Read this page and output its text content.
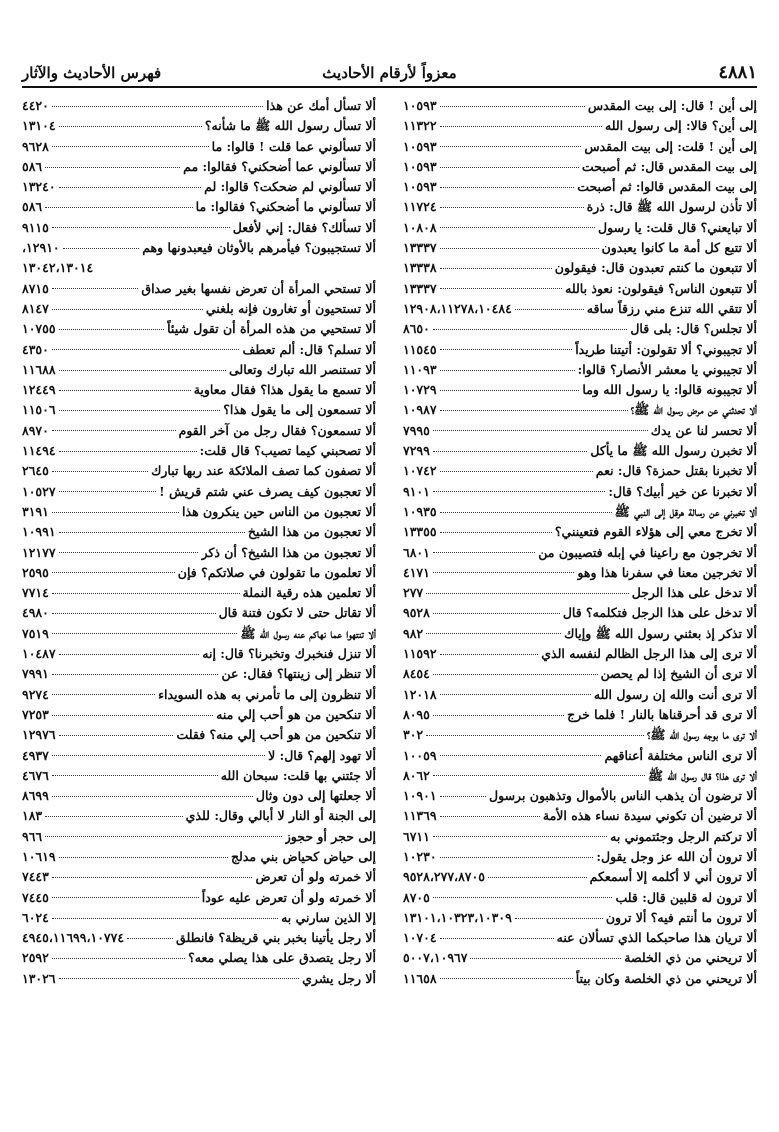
٤٨٨١
معزواً لأرقام الأحاديث
فهرس الأحاديث والآثار
إلى أين ! قال: إلى بيت المقدس
١٠٥٩٣
إلى أين؟ قالا: إلى رسول الله
١١٣٢٢
إلى أين ! قلت: إلى بيت المقدس
١٠٥٩٣
إلى بيت المقدس قال: ثم أصبحت
١٠٥٩٣
إلى بيت المقدس قالوا: ثم أصبحت
١٠٥٩٣
ألا تأذن لرسول الله ﷺ قال: ذرة
١١٧٢٤
ألا تبايعني؟ قال قلت: يا رسول
١٠٨٠٨
ألا تتبع كل أمة ما كانوا يعبدون
١٣٣٣٧
ألا تتبعون ما كنتم تعبدون قال: فيقولون
١٣٣٣٨
ألا تتبعون الناس؟ فيقولون: نعوذ بالله
١٣٣٣٧
ألا تتقي الله تنزع مني رزقاً ساقه
١٢٩٠٨،١١٢٧٨،١٠٤٨٤
ألا تجلس؟ قال: بلى قال
٨٦٥٠
ألا تجيبوني؟ ألا تقولون: أتيتنا طريداً
١١٥٤٥
ألا تجيبوني يا معشر الأنصار؟ قالوا:
١١٠٩٣
ألا تجيبونه قالوا: يا رسول الله وما
١٠٧٢٩
ألا تحدثني عن مرض رسول الله ﷺ؟
١٠٩٨٧
ألا تحسر لنا عن يدك
٧٩٩٥
ألا تخبرن رسول الله ﷺ ما يأكل
٧٢٩٩
ألا تخبرنا بقتل حمزة؟ قال: نعم
١٠٧٤٢
ألا تخبرنا عن خير أبيك؟ قال:
٩١٠١
ألا تخبرني عن رسالة هرقل إلى النبي ﷺ
١٠٩٣٥
ألا تخرج معي إلى هؤلاء القوم فتعينني؟
١٣٣٥٥
ألا تخرجون مع راعينا في إبله فتصيبون من
٦٨٠١
ألا تخرجين معنا في سفرنا هذا وهو
٤١٧١
ألا تدخل على هذا الرجل
٢٧٧
ألا تدخل على هذا الرجل فتكلمه؟ قال
٩٥٢٨
ألا تذكر إذ بعثني رسول الله ﷺ وإياك
٩٨٢
ألا ترى إلى هذا الرجل الظالم لنفسه الذي
١١٥٩٢
ألا ترى أن الشيخ إذا لم يحصن
٨٤٥٤
ألا ترى أنت والله إن رسول الله
١٢٠١٨
ألا ترى قد أحرقناها بالنار ! فلما خرج
٨٠٩٥
ألا ترى ما بوجه رسول الله ﷺ؟
٣٠٢
ألا ترى الناس مختلفة أعناقهم
١٠٠٥٩
ألا ترى هذا؟ قال رسول الله ﷺ
٨٠٦٢
ألا ترضون أن يذهب الناس بالأموال وتذهبون برسول
١٠٩٠١
ألا ترضين أن تكوني سيدة نساء هذه الأمة
١١٣٦٩
ألا تركتم الرجل وجئتموني به
٦٧١١
ألا ترون أن الله عز وجل يقول:
١٠٢٣٠
ألا ترون أني لا أكلمه إلا أسمعكم
٩٥٢٨،٢٧٧،٨٧٠٥
ألا ترون له قلبين قال: قلب
٨٧٠٥
ألا ترون ما أنتم فيه؟ ألا ترون
١٣١٠١،١٠٣٢٣،١٠٣٠٩
ألا تريان هذا صاحبكما الذي تسألان عنه
١٠٧٠٤
ألا تريحني من ذي الخلصة
٥٠٠٧،١٠٩٦٧
ألا تريحني من ذي الخلصة وكان بيتاً
١١٦٥٨
ألا تسأل أمك عن هذا
٤٤٢٠
ألا تسأل رسول الله ﷺ ما شأنه؟
١٣١٠٤
ألا تسألوني عما قلت ! قالوا: ما
٩٦٢٨
ألا تسألوني عما أضحكني؟ فقالوا: مم
٥٨٦
ألا تسألوني لم ضحكت؟ قالوا: لم
١٣٢٤٠
ألا تسألوني ما أضحكني؟ فقالوا: ما
٥٨٦
ألا تسألك؟ فقال: إني لأفعل
٩١١٥
ألا تستجيبون؟ فيأمرهم بالأوثان فيعبدونها وهم
١٢٩١٠،
١٣٠٤٢،١٣٠١٤
ألا تستحي المرأة أن تعرض نفسها بغير صداق
٨٧١٥
ألا تستحيون أو تغارون فإنه بلغني
٨١٤٧
ألا تستحيي من هذه المرأة أن تقول شيئاً
١٠٧٥٥
ألا تسلم؟ قال: ألم تعطف
٤٣٥٠
ألا تستنصر الله تبارك وتعالى
١١٦٨٨
ألا تسمع ما يقول هذا؟ فقال معاوية
١٢٤٤٩
ألا تسمعون إلى ما يقول هذا؟
١١٥٠٦
ألا تسمعون؟ فقال رجل من آخر القوم
٨٩٧٠
ألا تصحبني كيما تصيب؟ قال قلت:
١١٤٩٤
ألا تصفون كما تصف الملائكة عند ربها تبارك
٢٦٤٥
ألا تعجبون كيف يصرف عني شتم قريش !
١٠٥٢٧
ألا تعجبون من الناس حين ينكرون هذا
٣١٩١
ألا تعجبون من هذا الشيخ
١٠٩٩١
ألا تعجبون من هذا الشيخ؟ أن ذكر
١٢١٧٧
ألا تعلمون ما تقولون في صلاتكم؟ فإن
٢٥٩٥
ألا تعلمين هذه رقية النملة
٧٧١٤
ألا تقاتل حتى لا تكون فتنة قال
٤٩٨٠
ألا تنتهوا عما نهاكم عنه رسول الله ﷺ
٧٥١٩
ألا تنزل فنخبرك وتخبرنا؟ قال: إنه
١٠٤٨٧
ألا تنظر إلى زينتها؟ فقال: عن
٧٩٩١
ألا تنظرون إلى ما تأمرني به هذه السويداء
٩٢٧٤
ألا تنكحين من هو أحب إلي منه
٧٢٥٣
ألا تنكحين من هو أحب إلي منه؟ فقلت
١٢٩٧٦
ألا تهود إلهم؟ قال: لا
٤٩٣٧
ألا جئتني بها قلت: سبحان الله
٤٦٧٦
ألا جعلتها إلى دون وثال
٨٦٩٩
إلى الجنة أو النار لا أبالي وقال: للذي
١٨٣
إلى حجر أو حجوز
٩٦٦
إلى حياض كحياض بني مدلج
١٠٦١٩
ألا خمرته ولو أن تعرض
٧٤٤٣
ألا خمرته ولو أن تعرض عليه عوداً
٧٤٤٥
إلا الذين سارني به
٦٠٢٤
ألا رجل يأتينا بخبر بني قريظة؟ فانطلق
٤٩٤٥،١١٦٩٩،١٠٧٧٤
ألا رجل يتصدق على هذا يصلي معه؟
٢٥٩٢
ألا رجل يشري
١٣٠٢٦
